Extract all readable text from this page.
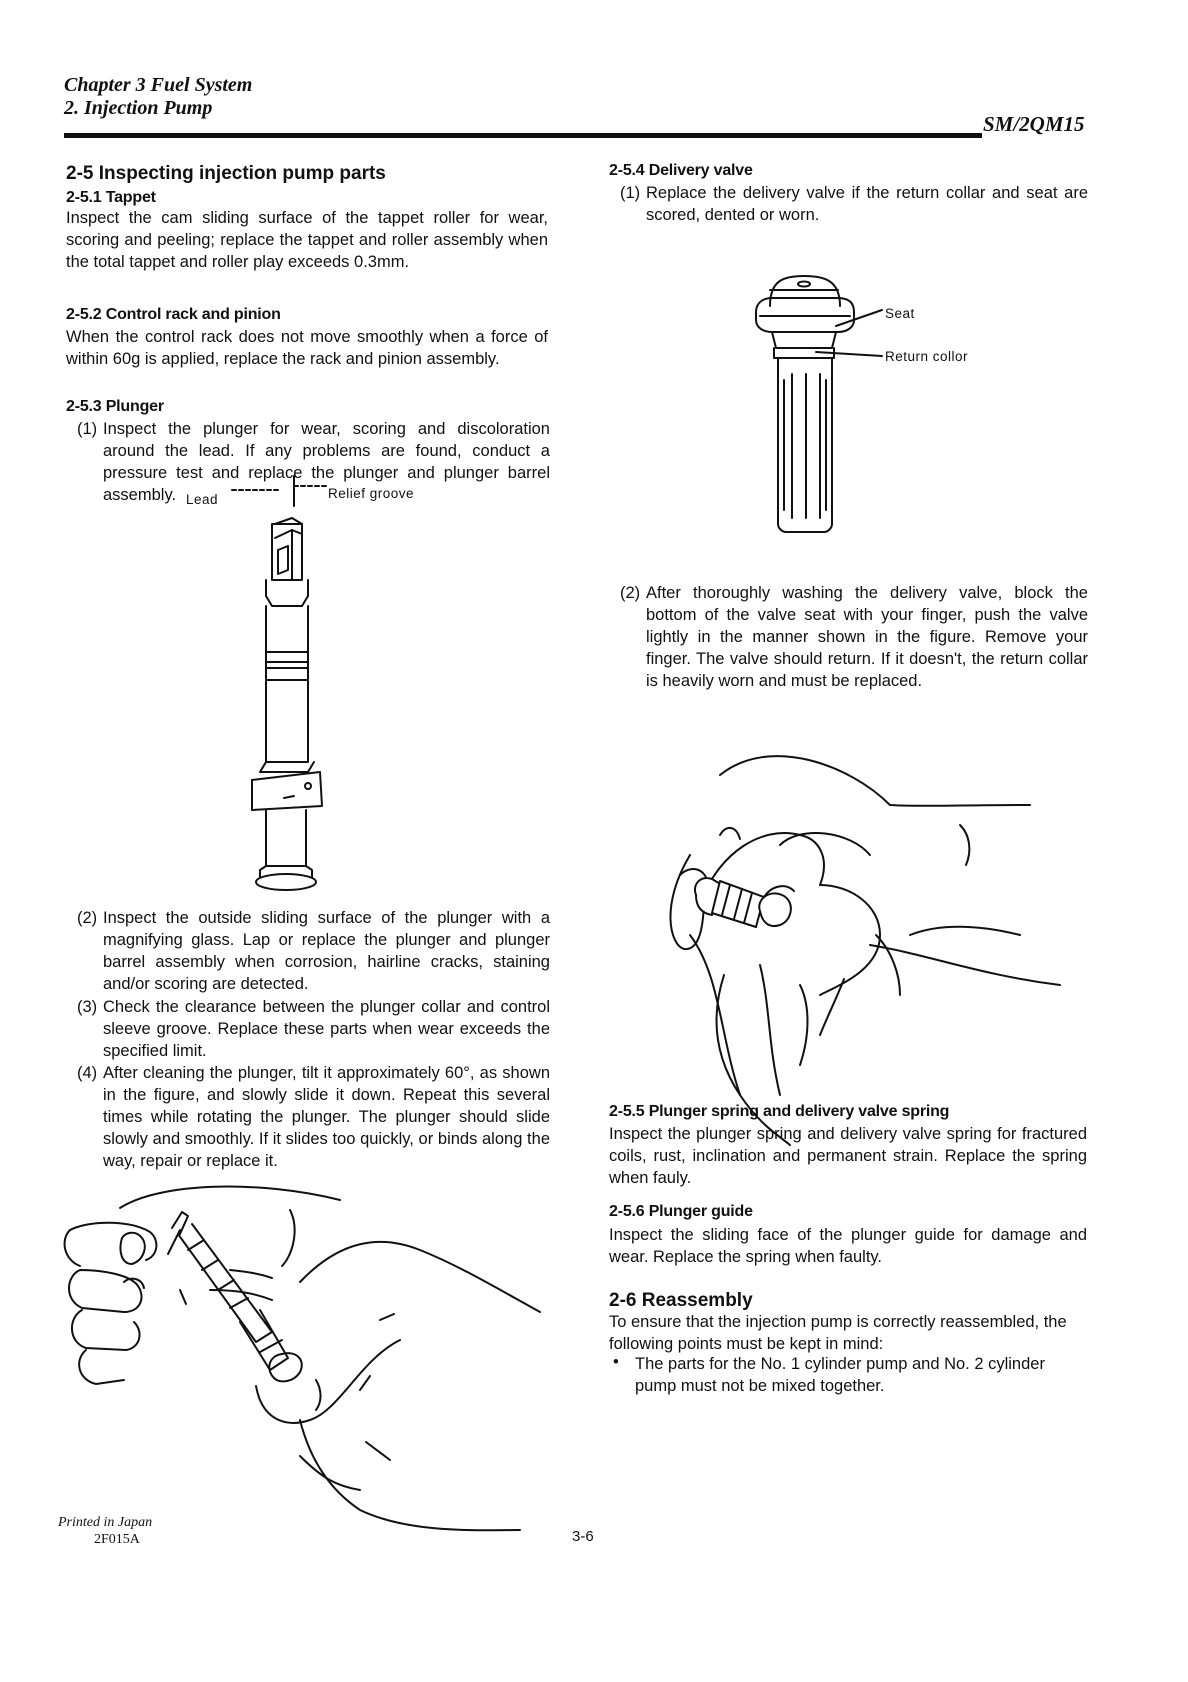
Chapter 3 Fuel System
2. Injection Pump
SM/2QM15
2-5 Inspecting injection pump parts
2-5.1 Tappet
Inspect the cam sliding surface of the tappet roller for wear, scoring and peeling; replace the tappet and roller assembly when the total tappet and roller play exceeds 0.3mm.
2-5.2 Control rack and pinion
When the control rack does not move smoothly when a force of within 60g is applied, replace the rack and pinion assembly.
2-5.3 Plunger
(1) Inspect the plunger for wear, scoring and discoloration around the lead. If any problems are found, conduct a pressure test and replace the plunger and plunger barrel assembly. Lead	Relief groove
(2) Inspect the outside sliding surface of the plunger with a magnifying glass. Lap or replace the plunger and plunger barrel assembly when corrosion, hairline cracks, staining and/or scoring are detected.
(3) Check the clearance between the plunger collar and control sleeve groove. Replace these parts when wear exceeds the specified limit.
(4) After cleaning the plunger, tilt it approximately 60°, as shown in the figure, and slowly slide it down. Repeat this several times while rotating the plunger. The plunger should slide slowly and smoothly. If it slides too quickly, or binds along the way, repair or replace it.
2-5.4 Delivery valve
(1) Replace the delivery valve if the return collar and seat are scored, dented or worn.
Seat
Return collor
(2) After thoroughly washing the delivery valve, block the bottom of the valve seat with your finger, push the valve lightly in the manner shown in the figure. Remove your finger. The valve should return. If it doesn't, the return collar is heavily worn and must be replaced.
2-5.5 Plunger spring and delivery valve spring
Inspect the plunger spring and delivery valve spring for fractured coils, rust, inclination and permanent strain. Replace the spring when fauly.
2-5.6 Plunger guide
Inspect the sliding face of the plunger guide for damage and wear. Replace the spring when faulty.
2-6 Reassembly
To ensure that the injection pump is correctly reassembled, the following points must be kept in mind:
• The parts for the No. 1 cylinder pump and No. 2 cylinder pump must not be mixed together.
Printed in Japan
2F015A	3-6
